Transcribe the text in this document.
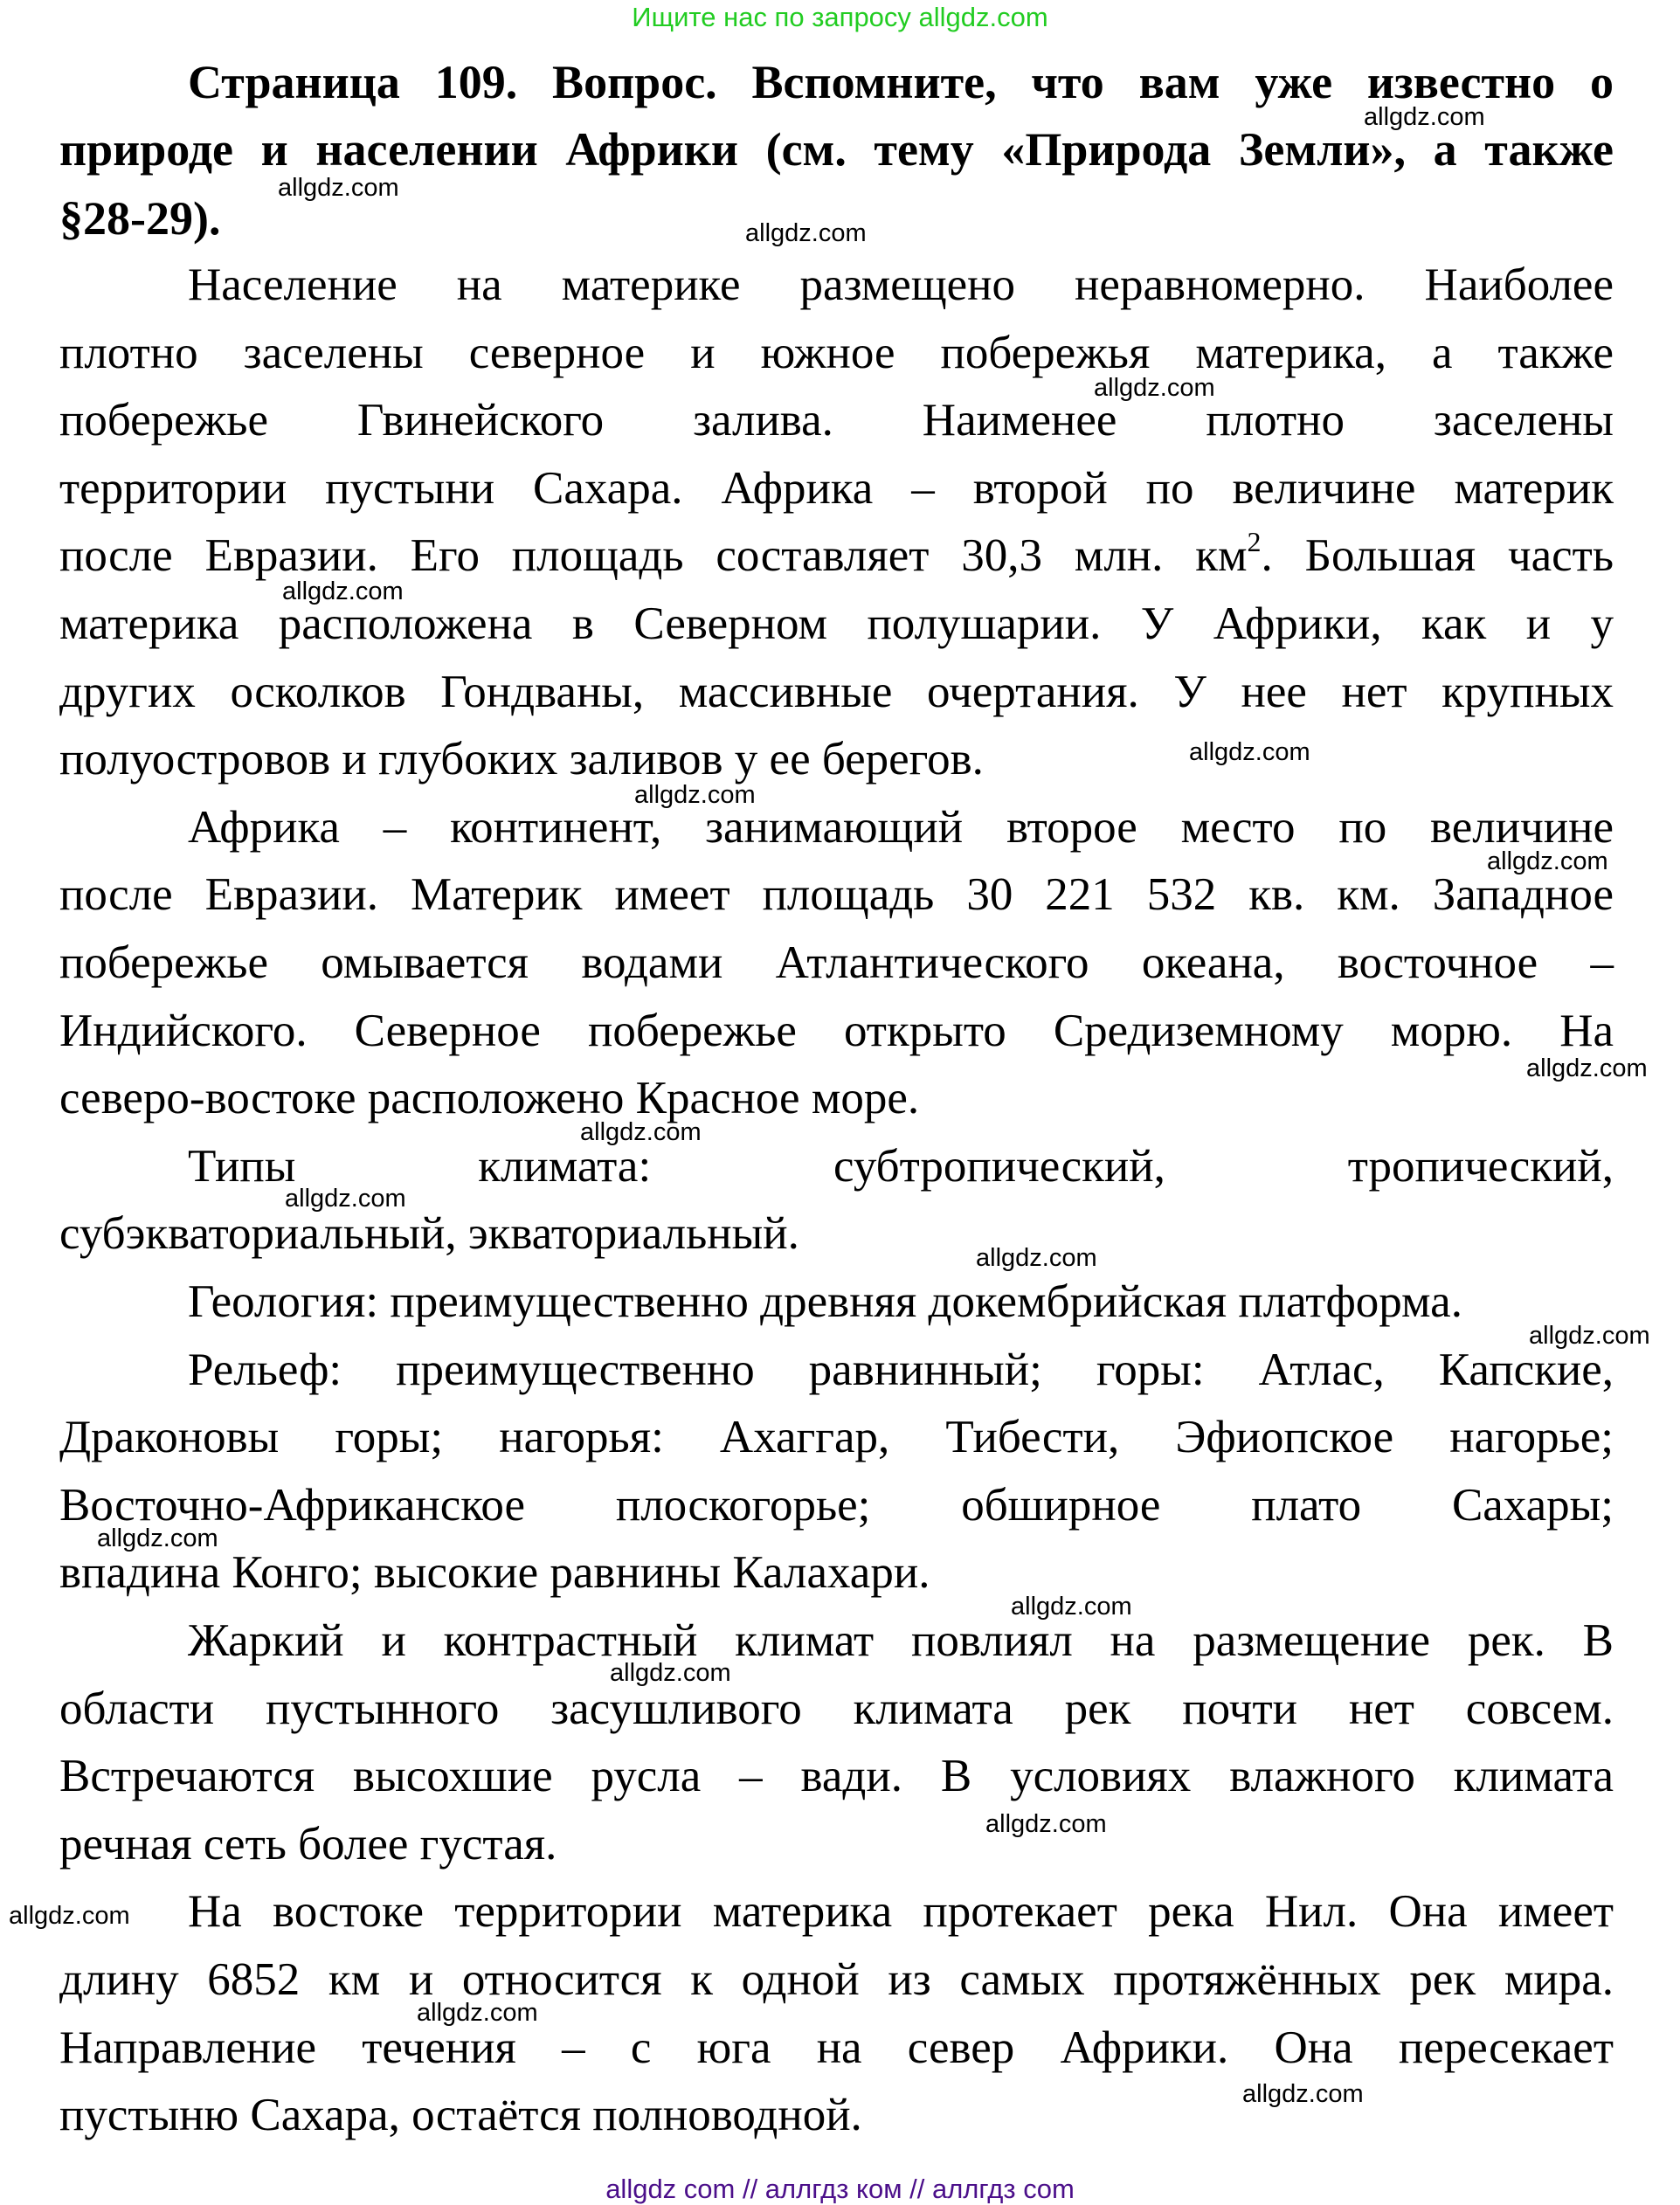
Ищите нас по запросу allgdz.com
Страница 109. Вопрос. Вспомните, что вам уже известно о
природе и населении Африки (см. тему «Природа Земли», а также
§28-29).
Население на материке размещено неравномерно. Наиболее
плотно заселены северное и южное побережья материка, а также
побережье Гвинейского залива. Наименее плотно заселены
территории пустыни Сахара. Африка – второй по величине материк
после Евразии. Его площадь составляет 30,3 млн. $км^2$. Большая часть
материка расположена в Северном полушарии. У Африки, как и у
других осколков Гондваны, массивные очертания. У нее нет крупных
полуостровов и глубоких заливов у ее берегов.
Африка – континент, занимающий второе место по величине
после Евразии. Материк имеет площадь 30 221 532 кв. км. Западное
побережье омывается водами Атлантического океана, восточное –
Индийского. Северное побережье открыто Средиземному морю. На
северо-востоке расположено Красное море.
Типы климата: субтропический, тропический,
субэкваториальный, экваториальный.
Геология: преимущественно древняя докембрийская платформа.
Рельеф: преимущественно равнинный; горы: Атлас, Капские,
Драконовы горы; нагорья: Ахаггар, Тибести, Эфиопское нагорье;
Восточно-Африканское плоскогорье; обширное плато Сахары;
впадина Конго; высокие равнины Калахари.
Жаркий и контрастный климат повлиял на размещение рек. В
области пустынного засушливого климата рек почти нет совсем.
Встречаются высохшие русла – вади. В условиях влажного климата
речная сеть более густая.
На востоке территории материка протекает река Нил. Она имеет
длину 6852 км и относится к одной из самых протяжённых рек мира.
Направление течения – с юга на север Африки. Она пересекает
пустыню Сахара, остаётся полноводной.
allgdz.com
allgdz.com
allgdz.com
allgdz.com
allgdz.com
allgdz.com
allgdz.com
allgdz.com
allgdz.com
allgdz.com
allgdz.com
allgdz.com
allgdz.com
allgdz.com
allgdz.com
allgdz.com
allgdz.com
allgdz.com
allgdz.com
allgdz.com
allgdz com // аллгдз ком // аллгдз com
